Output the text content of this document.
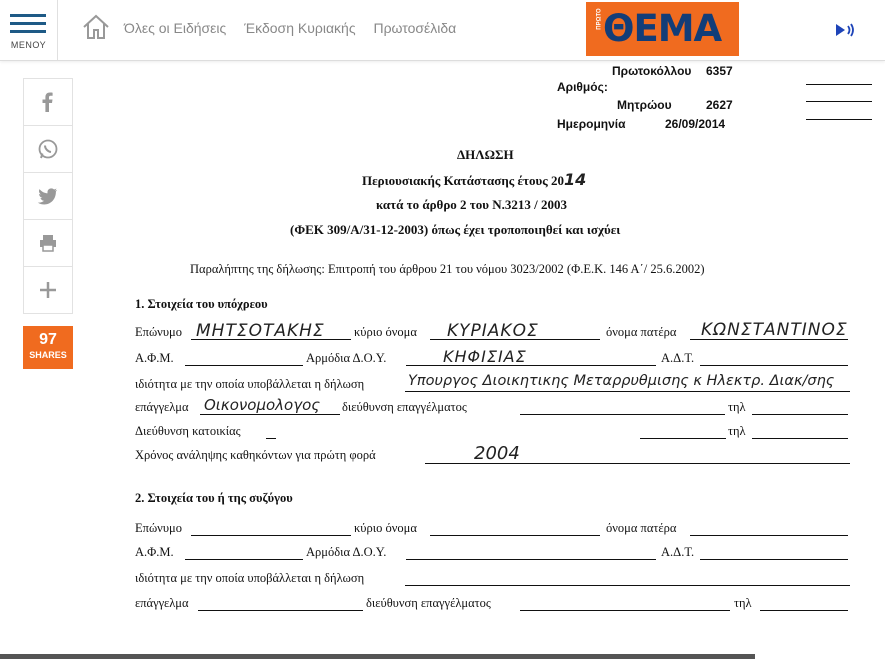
Πρωτοκόλλου 6357
Αριθμός:
Μητρώου	2627
Ημερομηνία	26/09/2014
ΔΗΛΩΣΗ
Περιουσιακής Κατάστασης έτους 2014
κατά το άρθρο 2 του Ν.3213 / 2003
(ΦΕΚ 309/Α/31-12-2003) όπως έχει τροποποιηθεί και ισχύει
Παραλήπτης της δήλωσης: Επιτροπή του άρθρου 21 του νόμου 3023/2002 (Φ.Ε.Κ. 146 Α΄/ 25.6.2002)
1. Στοιχεία του υπόχρεου
Επώνυμο ΜΗΤΣΟΤΑΚΗΣ κύριο όνομα ΚΥΡΙΑΚΟΣ	όνομα πατέρα ΚΩΝΣΤΑΝΤΙΝΟΣ
Α.Φ.Μ.	Αρμόδια Δ.Ο.Υ.	ΚΗΦΙΣΙΑΣ	Α.Δ.Τ.
ιδιότητα με την οποία υποβάλλεται η δήλωση	Υπουργος Διοικητικης Μεταρρυθμισης κ Ηλεκτρ. Διακ/σης
επάγγελμα Οικονομολογος διεύθυνση επαγγέλματος	τηλ
Διεύθυνση κατοικίας	τηλ
Χρόνος ανάληψης καθηκόντων για πρώτη φορά	2004
2. Στοιχεία του ή της συζύγου
Επώνυμο	κύριο όνομα	όνομα πατέρα
Α.Φ.Μ.	Αρμόδια Δ.Ο.Υ.	Α.Δ.Τ.
ιδιότητα με την οποία υποβάλλεται η δήλωση
επάγγελμα	διεύθυνση επαγγέλματος	τηλ
ΜΕΝΟΥ
Όλες οι Ειδήσεις Έκδοση Κυριακής Πρωτοσέλιδα	ΠΡΩΤΟ ΘΕΜΑ
97
SHARES
